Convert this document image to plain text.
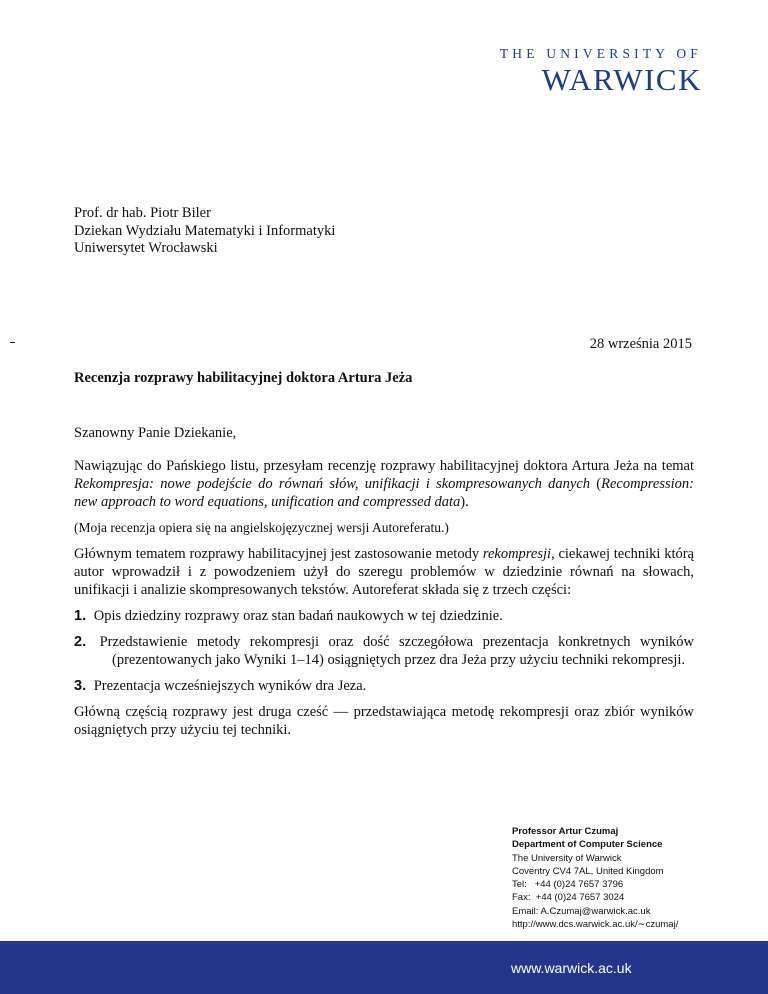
THE UNIVERSITY OF
WARWICK
Prof. dr hab. Piotr Biler
Dziekan Wydziału Matematyki i Informatyki
Uniwersytet Wrocławski
28 września 2015
Recenzja rozprawy habilitacyjnej doktora Artura Jeża

Szanowny Panie Dziekanie,

Nawiązując do Pańskiego listu, przesyłam recenzję rozprawy habilitacyjnej doktora Artura Jeża na temat Rekompresja: nowe podejście do równań słów, unifikacji i skompresowanych danych (Recompression: new approach to word equations, unification and compressed data).

(Moja recenzja opiera się na angielskojęzycznej wersji Autoreferatu.)

Głównym tematem rozprawy habilitacyjnej jest zastosowanie metody rekompresji, ciekawej techniki którą autor wprowadził i z powodzeniem użył do szeregu problemów w dziedzinie równań na słowach, unifikacji i analizie skompresowanych tekstów. Autoreferat składa się z trzech części:

1. Opis dziedziny rozprawy oraz stan badań naukowych w tej dziedzinie.
2. Przedstawienie metody rekompresji oraz dość szczegółowa prezentacja konkretnych wyników (prezentowanych jako Wyniki 1–14) osiągniętych przez dra Jeża przy użyciu techniki rekompresji.
3. Prezentacja wcześniejszych wyników dra Jeza.

Główną częścią rozprawy jest druga cześć — przedstawiająca metodę rekompresji oraz zbiór wyników osiągniętych przy użyciu tej techniki.

Professor Artur Czumaj
Department of Computer Science
The University of Warwick
Coventry CV4 7AL, United Kingdom
Tel: +44 (0)24 7657 3796
Fax: +44 (0)24 7657 3024
Email: A.Czumaj@warwick.ac.uk
http://www.dcs.warwick.ac.uk/∼czumaj/
www.warwick.ac.uk
